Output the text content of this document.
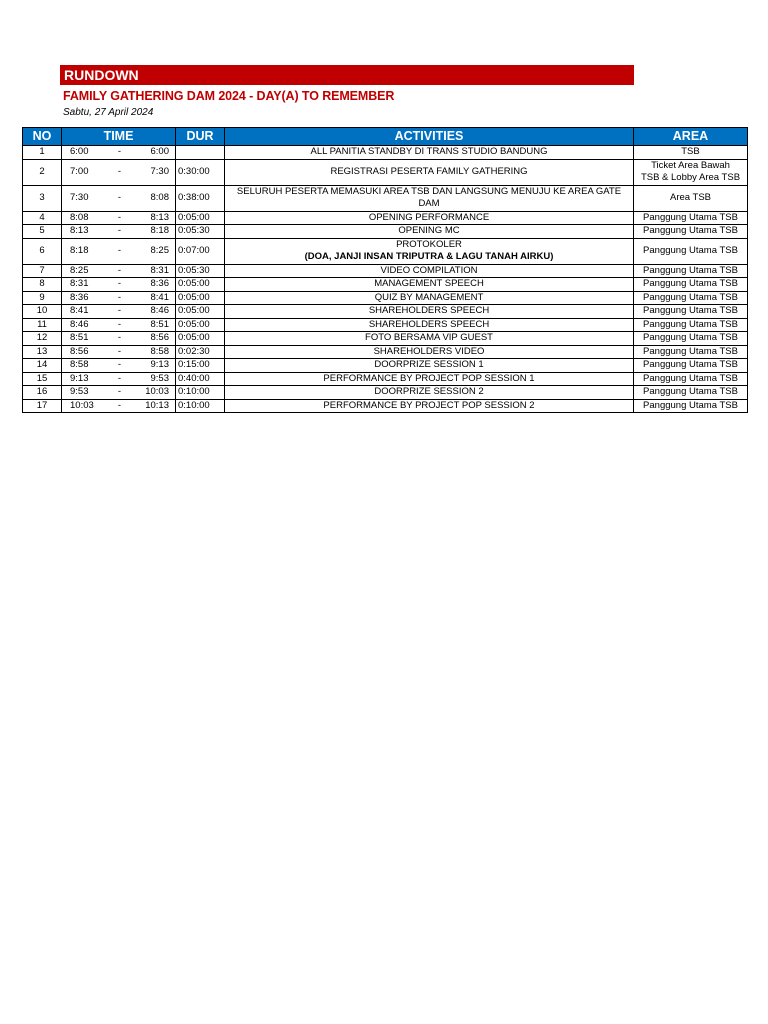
RUNDOWN
FAMILY GATHERING DAM 2024 - DAY(A) TO REMEMBER
Sabtu, 27 April 2024
NO	TIME	DUR	ACTIVITIES	AREA
1	6:00 - 6:00		ALL PANITIA STANDBY DI TRANS STUDIO BANDUNG	TSB

2	7:00 - 7:30	0:30:00	REGISTRASI PESERTA FAMILY GATHERING	Ticket Area Bawah
TSB & Lobby Area TSB

3	7:30 - 8:08	0:38:00	SELURUH PESERTA MEMASUKI AREA TSB DAN LANGSUNG MENUJU KE AREA GATE DAM	Area TSB

4	8:08 - 8:13	0:05:00	OPENING PERFORMANCE	Panggung Utama TSB

5	8:13 - 8:18	0:05:30	OPENING MC	Panggung Utama TSB

6	8:18 - 8:25	0:07:00	PROTOKOLER
(DOA, JANJI INSAN TRIPUTRA & LAGU TANAH AIRKU)	Panggung Utama TSB

7	8:25 - 8:31	0:05:30	VIDEO COMPILATION	Panggung Utama TSB

8	8:31 - 8:36	0:05:00	MANAGEMENT SPEECH	Panggung Utama TSB

9	8:36 - 8:41	0:05:00	QUIZ BY MANAGEMENT	Panggung Utama TSB

10	8:41 - 8:46	0:05:00	SHAREHOLDERS SPEECH	Panggung Utama TSB

11	8:46 - 8:51	0:05:00	SHAREHOLDERS SPEECH	Panggung Utama TSB

12	8:51 - 8:56	0:05:00	FOTO BERSAMA VIP GUEST	Panggung Utama TSB

13	8:56 - 8:58	0:02:30	SHAREHOLDERS VIDEO	Panggung Utama TSB

14	8:58 - 9:13	0:15:00	DOORPRIZE SESSION 1	Panggung Utama TSB

15	9:13 - 9:53	0:40:00	PERFORMANCE BY PROJECT POP SESSION 1	Panggung Utama TSB

16	9:53 - 10:03	0:10:00	DOORPRIZE SESSION 2	Panggung Utama TSB

17	10:03 - 10:13	0:10:00	PERFORMANCE BY PROJECT POP SESSION 2	Panggung Utama TSB
